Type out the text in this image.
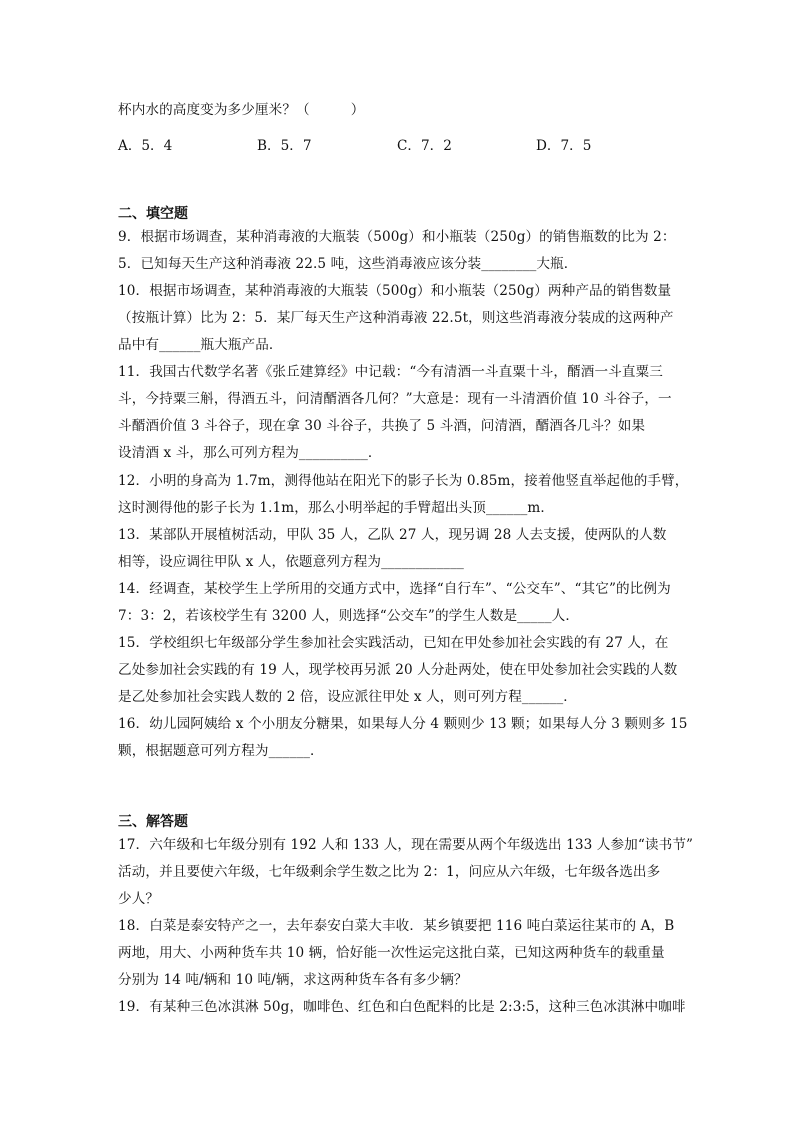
杯内水的高度变为多少厘米？（　　　）
A．5．4	B．5．7	C．7．2	D．7．5
二、填空题
9．根据市场调查，某种消毒液的大瓶装（500g）和小瓶装（250g）的销售瓶数的比为 2：
5．已知每天生产这种消毒液 22.5 吨，这些消毒液应该分装________大瓶．
10．根据市场调查，某种消毒液的大瓶装（500g）和小瓶装（250g）两种产品的销售数量
（按瓶计算）比为 2：5．某厂每天生产这种消毒液 22.5t，则这些消毒液分装成的这两种产
品中有______瓶大瓶产品．
11．我国古代数学名著《张丘建算经》中记载：“今有清酒一斗直粟十斗，醑酒一斗直粟三
斗，今持粟三斛，得酒五斗，问清醑酒各几何？”大意是：现有一斗清酒价值 10 斗谷子，一
斗醑酒价值 3 斗谷子，现在拿 30 斗谷子，共换了 5 斗酒，问清酒，醑酒各几斗？如果
设清酒 x 斗，那么可列方程为__________．
12．小明的身高为 1.7m，测得他站在阳光下的影子长为 0.85m，接着他竖直举起他的手臂，
这时测得他的影子长为 1.1m，那么小明举起的手臂超出头顶______m．
13．某部队开展植树活动，甲队 35 人，乙队 27 人，现另调 28 人去支援，使两队的人数
相等，设应调往甲队 x 人，依题意列方程为____________
14．经调查，某校学生上学所用的交通方式中，选择“自行车”、“公交车”、“其它”的比例为
7：3：2，若该校学生有 3200 人，则选择“公交车”的学生人数是_____人．
15．学校组织七年级部分学生参加社会实践活动，已知在甲处参加社会实践的有 27 人，在
乙处参加社会实践的有 19 人，现学校再另派 20 人分赴两处，使在甲处参加社会实践的人数
是乙处参加社会实践人数的 2 倍，设应派往甲处 x 人，则可列方程______．
16．幼儿园阿姨给 x 个小朋友分糖果，如果每人分 4 颗则少 13 颗；如果每人分 3 颗则多 15
颗，根据题意可列方程为______．
三、解答题
17．六年级和七年级分别有 192 人和 133 人，现在需要从两个年级选出 133 人参加“读书节”
活动，并且要使六年级，七年级剩余学生数之比为 2：1，问应从六年级，七年级各选出多
少人？
18．白菜是泰安特产之一，去年泰安白菜大丰收．某乡镇要把 116 吨白菜运往某市的 A，B
两地，用大、小两种货车共 10 辆，恰好能一次性运完这批白菜，已知这两种货车的载重量
分别为 14 吨/辆和 10 吨/辆，求这两种货车各有多少辆？
19．有某种三色冰淇淋 50g，咖啡色、红色和白色配料的比是 2:3:5，这种三色冰淇淋中咖啡
